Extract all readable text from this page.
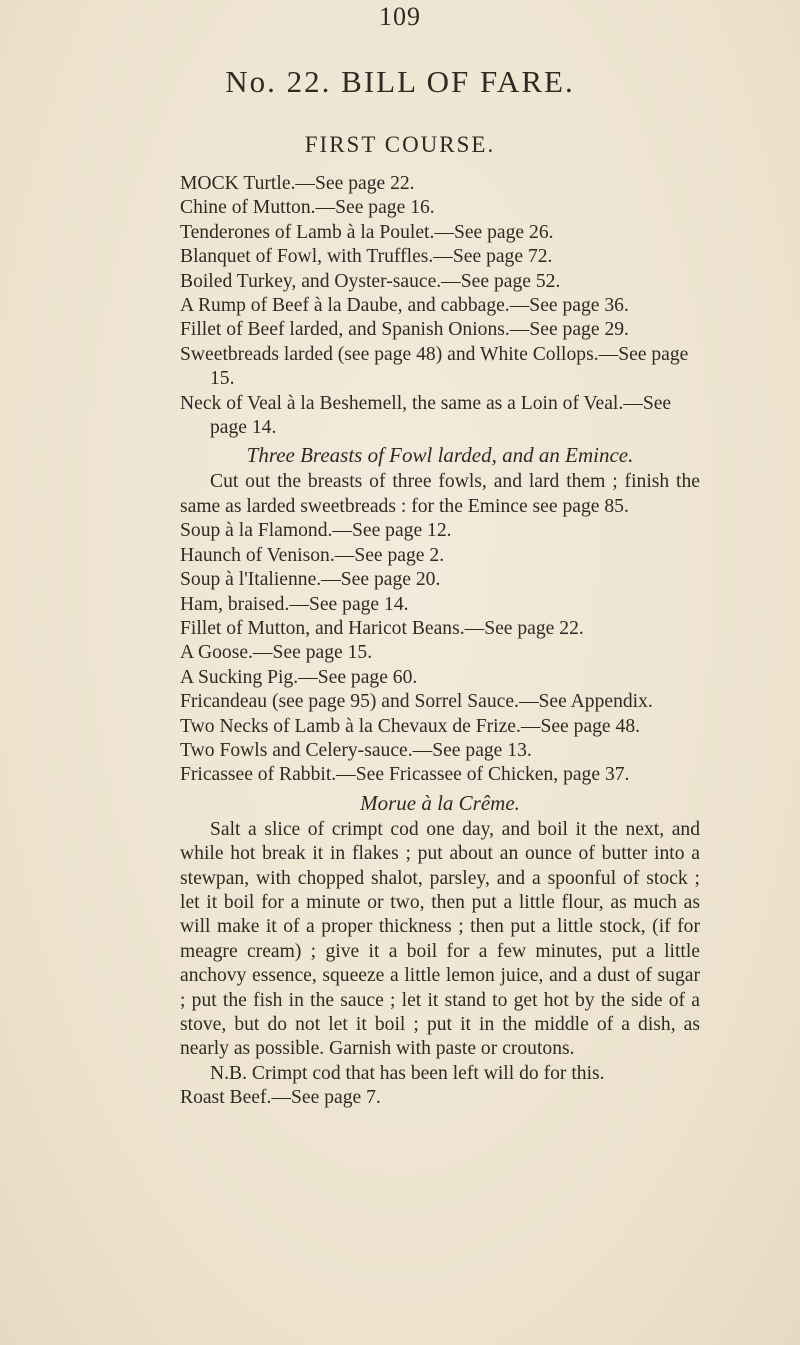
109
No. 22. BILL OF FARE.
FIRST COURSE.

MOCK Turtle.—See page 22.

Chine of Mutton.—See page 16.

Tenderones of Lamb à la Poulet.—See page 26.

Blanquet of Fowl, with Truffles.—See page 72.

Boiled Turkey, and Oyster-sauce.—See page 52.

A Rump of Beef à la Daube, and cabbage.—See page 36.

Fillet of Beef larded, and Spanish Onions.—See page 29.

Sweetbreads larded (see page 48) and White Collops.—See page 15.

Neck of Veal à la Beshemell, the same as a Loin of Veal.—See page 14.

Three Breasts of Fowl larded, and an Emince.

Cut out the breasts of three fowls, and lard them ; finish the same as larded sweetbreads : for the Emince see page 85.

Soup à la Flamond.—See page 12.

Haunch of Venison.—See page 2.

Soup à l'Italienne.—See page 20.

Ham, braised.—See page 14.

Fillet of Mutton, and Haricot Beans.—See page 22.

A Goose.—See page 15.

A Sucking Pig.—See page 60.

Fricandeau (see page 95) and Sorrel Sauce.—See Appendix.

Two Necks of Lamb à la Chevaux de Frize.—See page 48.

Two Fowls and Celery-sauce.—See page 13.

Fricassee of Rabbit.—See Fricassee of Chicken, page 37.

Morue à la Crême.

Salt a slice of crimpt cod one day, and boil it the next, and while hot break it in flakes ; put about an ounce of butter into a stewpan, with chopped shalot, parsley, and a spoonful of stock ; let it boil for a minute or two, then put a little flour, as much as will make it of a proper thickness ; then put a little stock, (if for meagre cream) ; give it a boil for a few minutes, put a little anchovy essence, squeeze a little lemon juice, and a dust of sugar ; put the fish in the sauce ; let it stand to get hot by the side of a stove, but do not let it boil ; put it in the middle of a dish, as nearly as possible. Garnish with paste or croutons.

N.B. Crimpt cod that has been left will do for this.

Roast Beef.—See page 7.
